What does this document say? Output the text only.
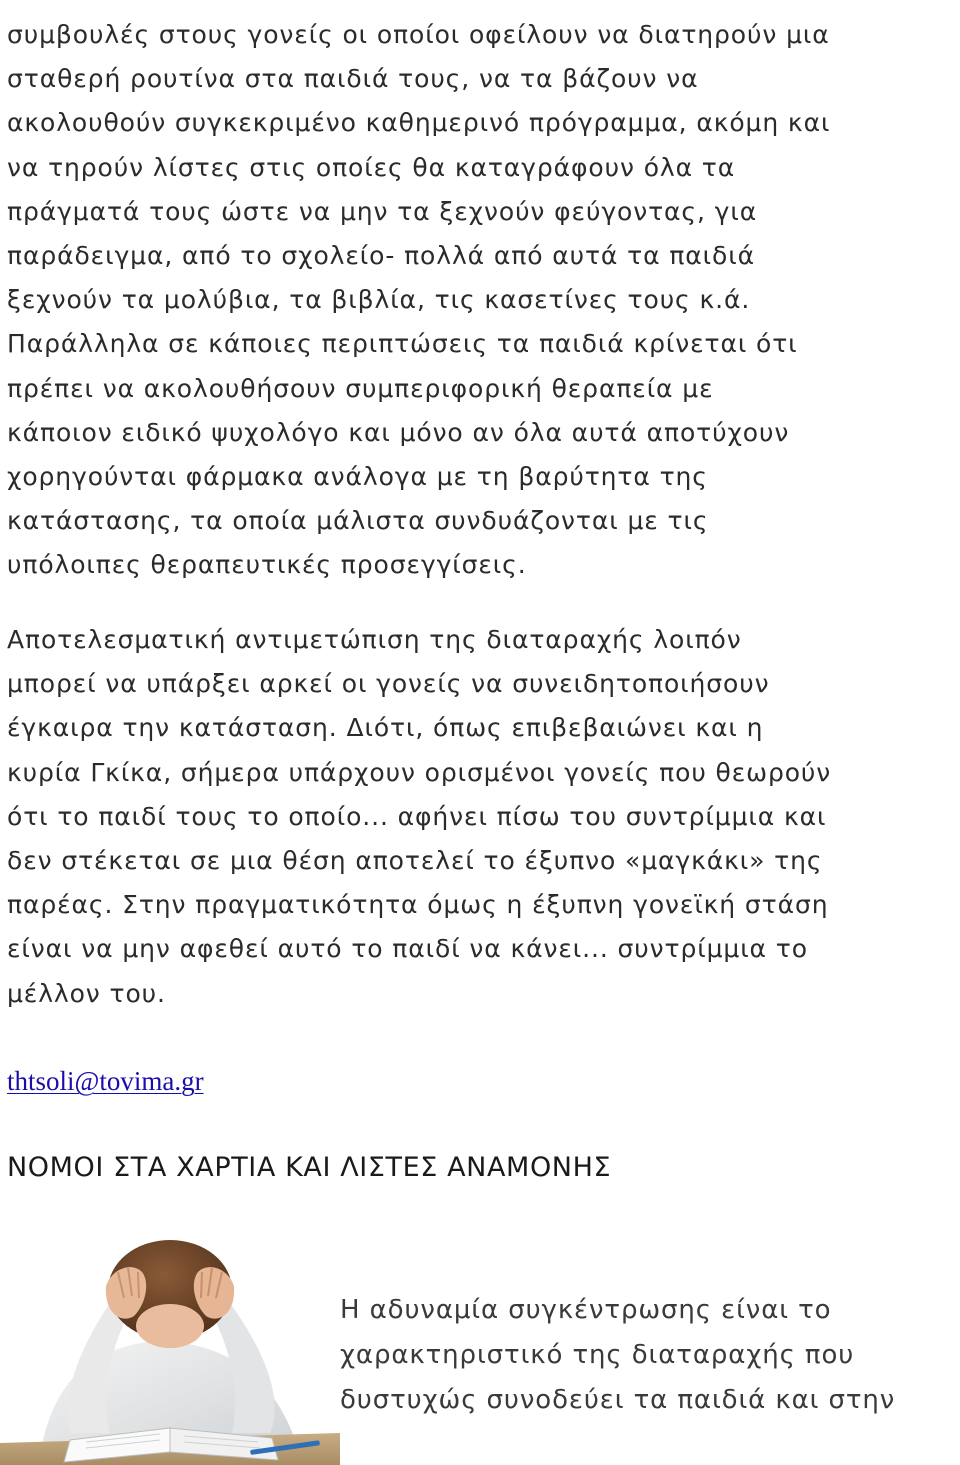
συμβουλές στους γονείς οι οποίοι οφείλουν να διατηρούν μια
σταθερή ρουτίνα στα παιδιά τους, να τα βάζουν να
ακολουθούν συγκεκριμένο καθημερινό πρόγραμμα, ακόμη και
να τηρούν λίστες στις οποίες θα καταγράφουν όλα τα
πράγματά τους ώστε να μην τα ξεχνούν φεύγοντας, για
παράδειγμα, από το σχολείο- πολλά από αυτά τα παιδιά
ξεχνούν τα μολύβια, τα βιβλία, τις κασετίνες τους κ.ά.
Παράλληλα σε κάποιες περιπτώσεις τα παιδιά κρίνεται ότι
πρέπει να ακολουθήσουν συμπεριφορική θεραπεία με
κάποιον ειδικό ψυχολόγο και μόνο αν όλα αυτά αποτύχουν
χορηγούνται φάρμακα ανάλογα με τη βαρύτητα της
κατάστασης, τα οποία μάλιστα συνδυάζονται με τις
υπόλοιπες θεραπευτικές προσεγγίσεις.

Αποτελεσματική αντιμετώπιση της διαταραχής λοιπόν
μπορεί να υπάρξει αρκεί οι γονείς να συνειδητοποιήσουν
έγκαιρα την κατάσταση. Διότι, όπως επιβεβαιώνει και η
κυρία Γκίκα, σήμερα υπάρχουν ορισμένοι γονείς που θεωρούν
ότι το παιδί τους το οποίο... αφήνει πίσω του συντρίμμια και
δεν στέκεται σε μια θέση αποτελεί το έξυπνο «μαγκάκι» της
παρέας. Στην πραγματικότητα όμως η έξυπνη γονεϊκή στάση
είναι να μην αφεθεί αυτό το παιδί να κάνει... συντρίμμια το
μέλλον του.

thtsoli@tovima.gr
ΝΟΜΟΙ ΣΤΑ ΧΑΡΤΙΑ ΚΑΙ ΛΙΣΤΕΣ ΑΝΑΜΟΝΗΣ

Η αδυναμία συγκέντρωσης είναι το
χαρακτηριστικό της διαταραχής που
δυστυχώς συνοδεύει τα παιδιά και στην
